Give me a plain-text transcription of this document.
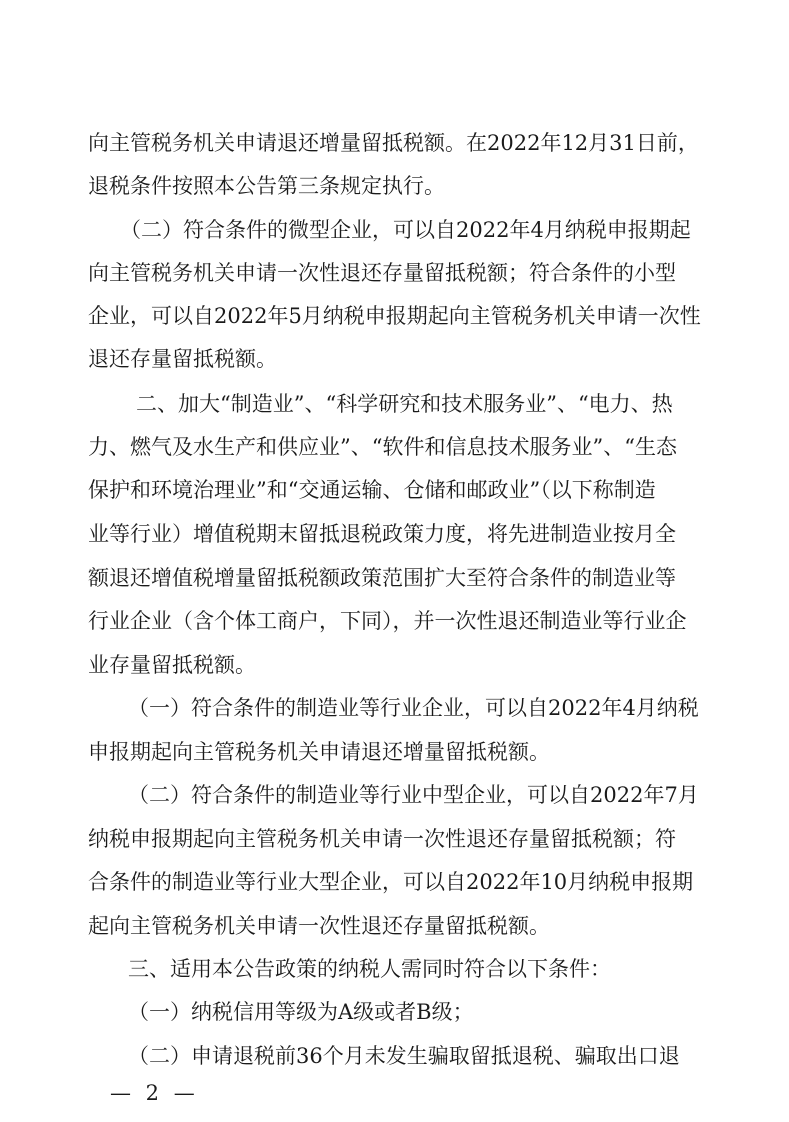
向主管税务机关申请退还增量留抵税额。在2022年12月31日前，
退税条件按照本公告第三条规定执行。
（二）符合条件的微型企业，可以自2022年4月纳税申报期起
向主管税务机关申请一次性退还存量留抵税额；符合条件的小型
企业，可以自2022年5月纳税申报期起向主管税务机关申请一次性
退还存量留抵税额。
二、加大“制造业”、“科学研究和技术服务业”、“电力、热
力、燃气及水生产和供应业”、“软件和信息技术服务业”、“生态
保护和环境治理业”和“交通运输、仓储和邮政业”（以下称制造
业等行业）增值税期末留抵退税政策力度，将先进制造业按月全
额退还增值税增量留抵税额政策范围扩大至符合条件的制造业等
行业企业（含个体工商户，下同），并一次性退还制造业等行业企
业存量留抵税额。
（一）符合条件的制造业等行业企业，可以自2022年4月纳税
申报期起向主管税务机关申请退还增量留抵税额。
（二）符合条件的制造业等行业中型企业，可以自2022年7月
纳税申报期起向主管税务机关申请一次性退还存量留抵税额；符
合条件的制造业等行业大型企业，可以自2022年10月纳税申报期
起向主管税务机关申请一次性退还存量留抵税额。
三、适用本公告政策的纳税人需同时符合以下条件：
（一）纳税信用等级为A级或者B级；
（二）申请退税前36个月未发生骗取留抵退税、骗取出口退
— 2 —
